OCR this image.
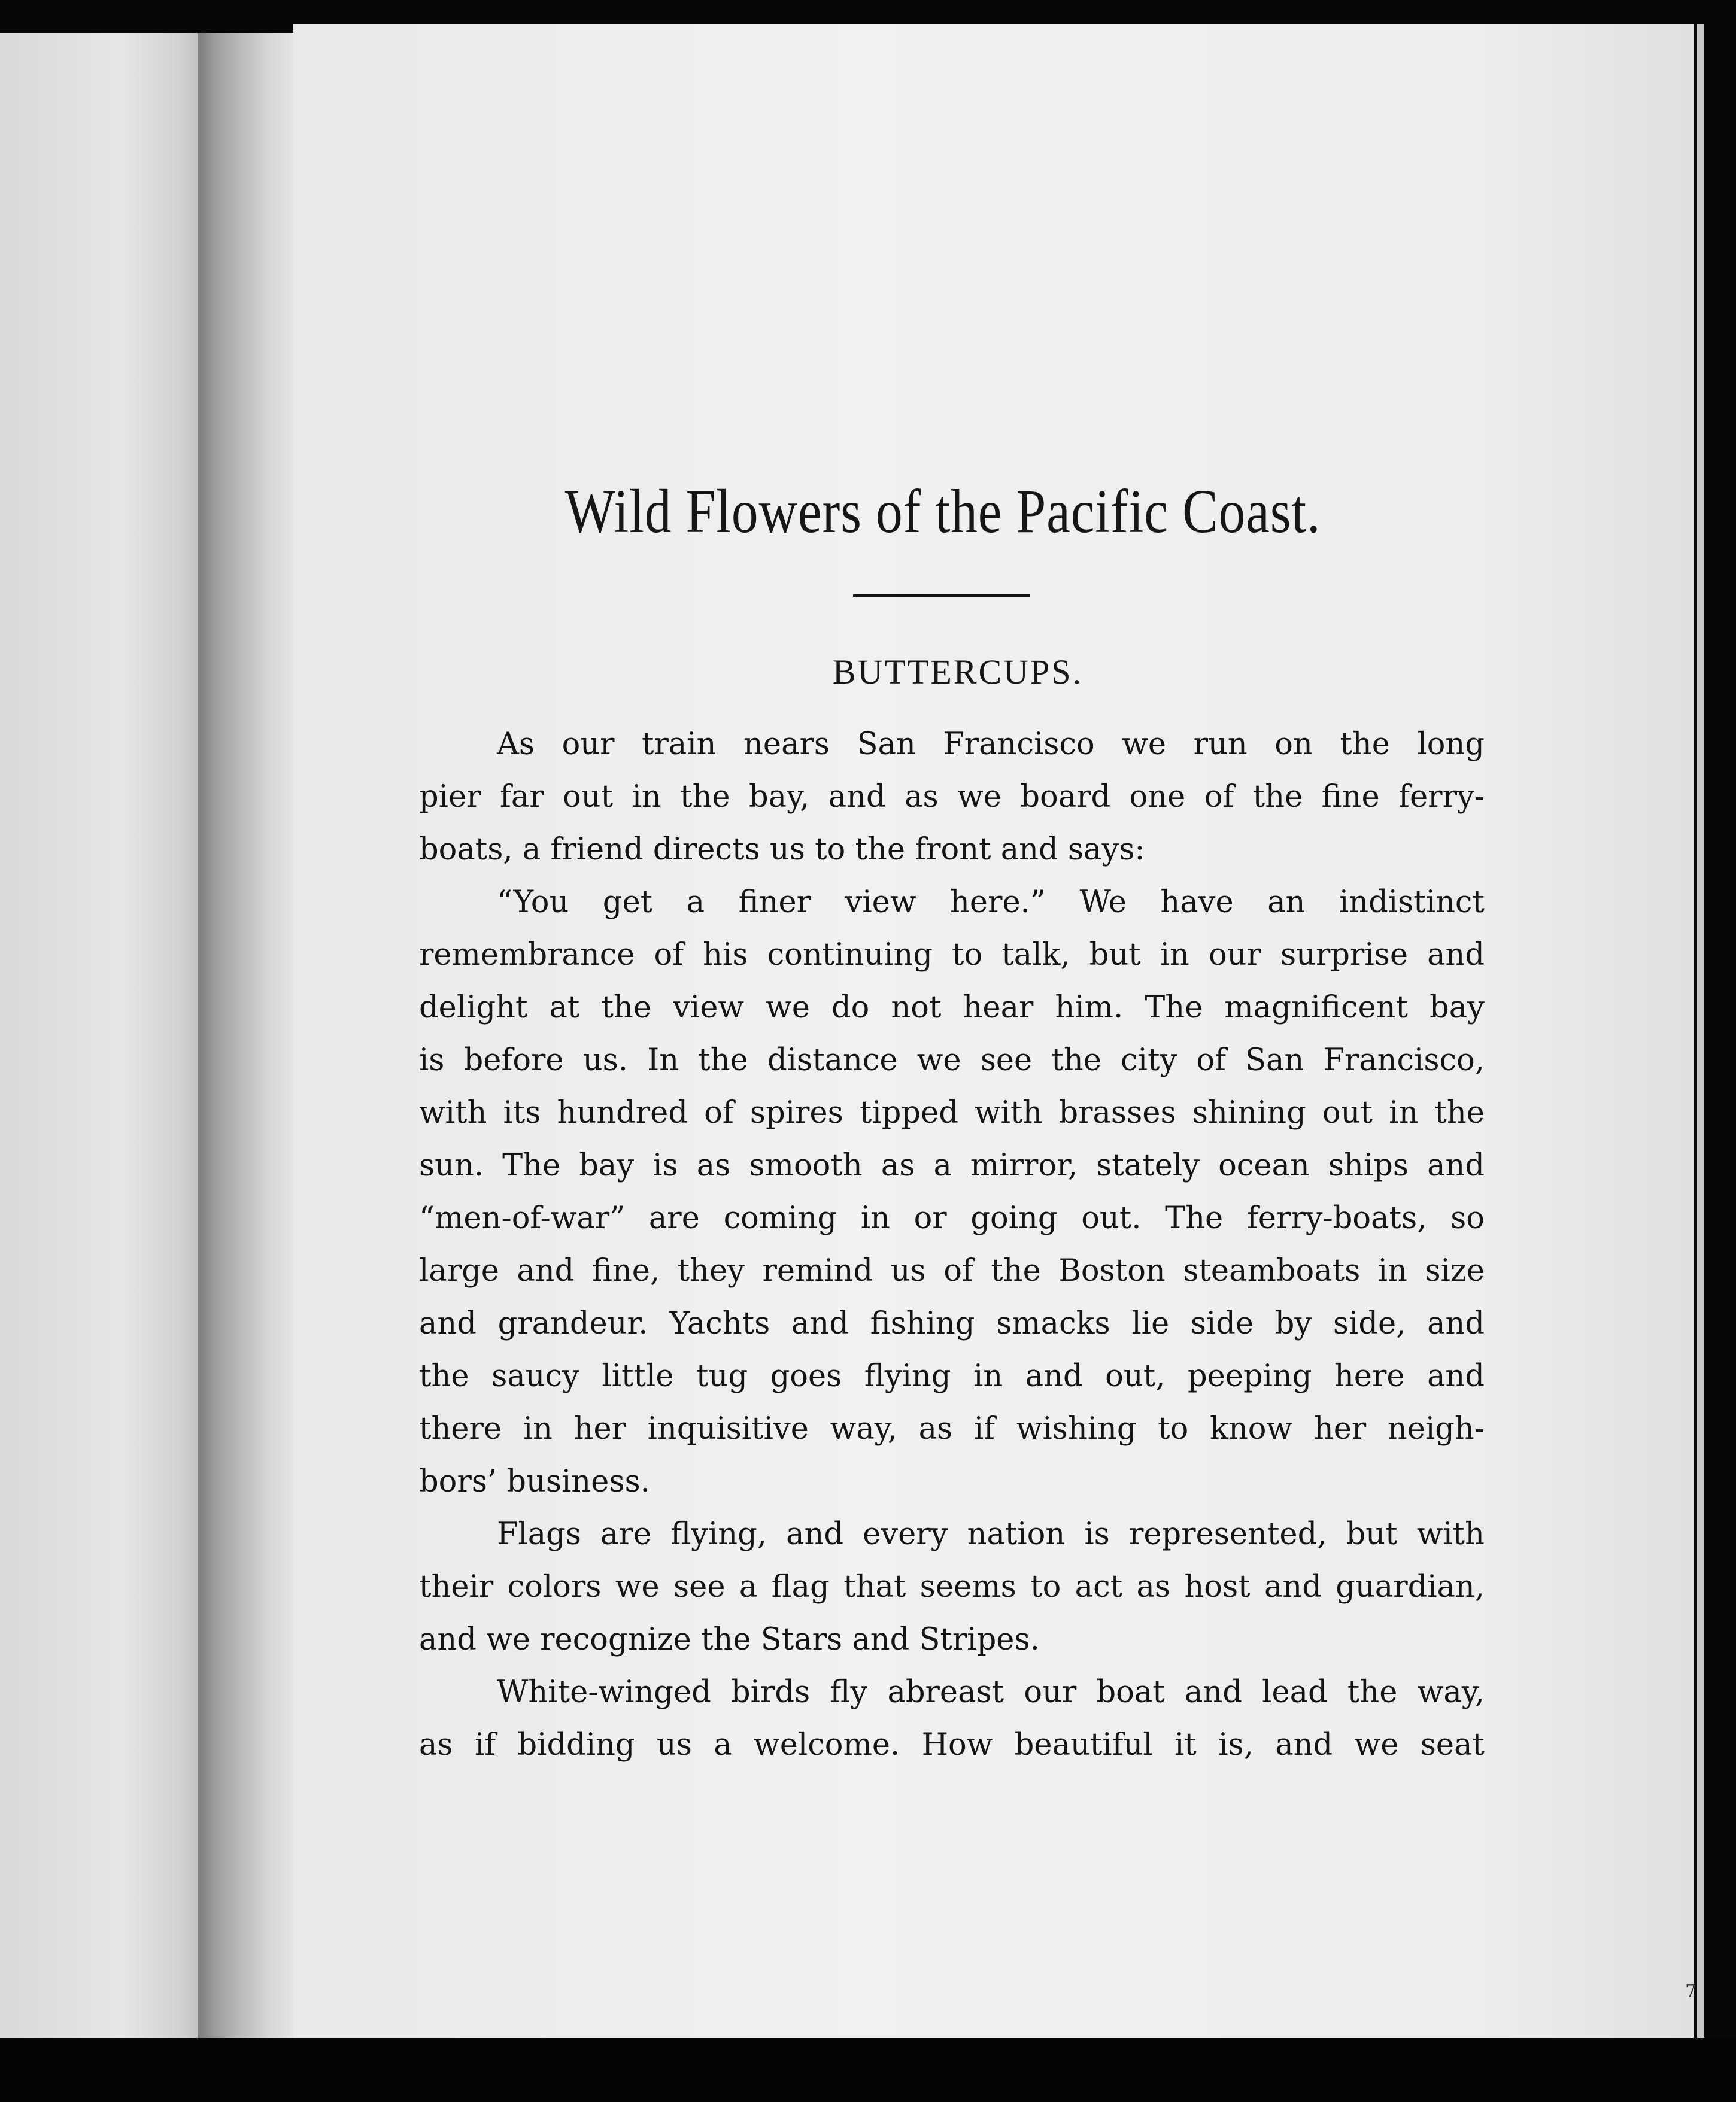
Wild Flowers of the Pacific Coast.
BUTTERCUPS.
As our train nears San Francisco we run on the long
pier far out in the bay, and as we board one of the fine ferry-
boats, a friend directs us to the front and says:
“You get a finer view here.” We have an indistinct
remembrance of his continuing to talk, but in our surprise and
delight at the view we do not hear him. The magnificent bay
is before us. In the distance we see the city of San Francisco,
with its hundred of spires tipped with brasses shining out in the
sun. The bay is as smooth as a mirror, stately ocean ships and
“men-of-war” are coming in or going out. The ferry-boats, so
large and fine, they remind us of the Boston steamboats in size
and grandeur. Yachts and fishing smacks lie side by side, and
the saucy little tug goes flying in and out, peeping here and
there in her inquisitive way, as if wishing to know her neigh-
bors’ business.
Flags are flying, and every nation is represented, but with
their colors we see a flag that seems to act as host and guardian,
and we recognize the Stars and Stripes.
White-winged birds fly abreast our boat and lead the way,
as if bidding us a welcome. How beautiful it is, and we seat
7
